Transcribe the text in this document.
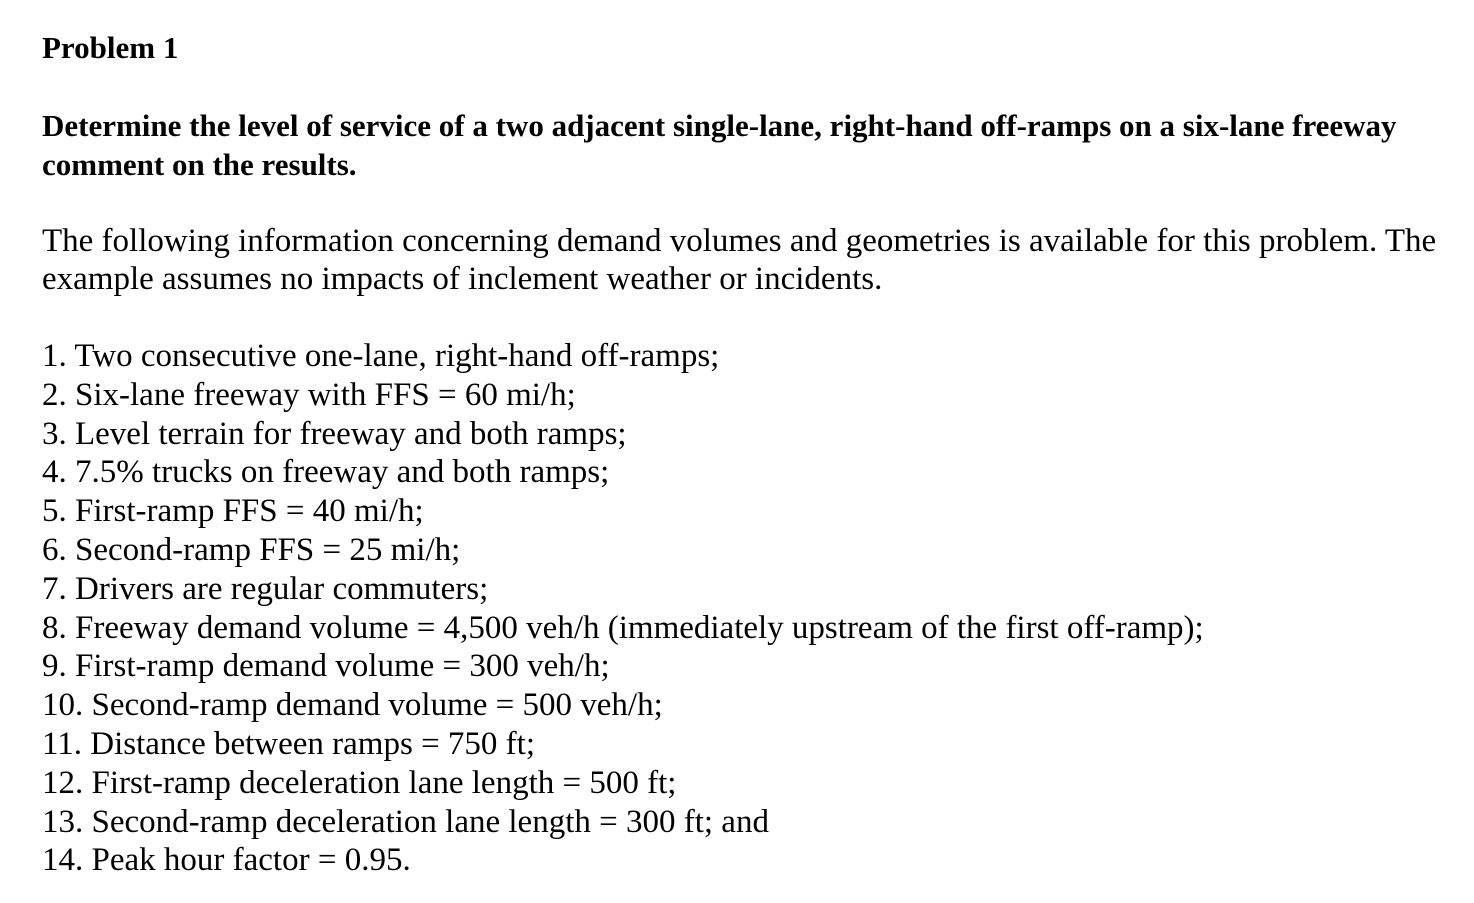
Problem 1

Determine the level of service of a two adjacent single-lane, right-hand off-ramps on a six-lane freeway comment on the results.

The following information concerning demand volumes and geometries is available for this problem. The example assumes no impacts of inclement weather or incidents.

1. Two consecutive one-lane, right-hand off-ramps;
2. Six-lane freeway with FFS = 60 mi/h;
3. Level terrain for freeway and both ramps;
4. 7.5% trucks on freeway and both ramps;
5. First-ramp FFS = 40 mi/h;
6. Second-ramp FFS = 25 mi/h;
7. Drivers are regular commuters;
8. Freeway demand volume = 4,500 veh/h (immediately upstream of the first off-ramp);
9. First-ramp demand volume = 300 veh/h;
10. Second-ramp demand volume = 500 veh/h;
11. Distance between ramps = 750 ft;
12. First-ramp deceleration lane length = 500 ft;
13. Second-ramp deceleration lane length = 300 ft; and
14. Peak hour factor = 0.95.
